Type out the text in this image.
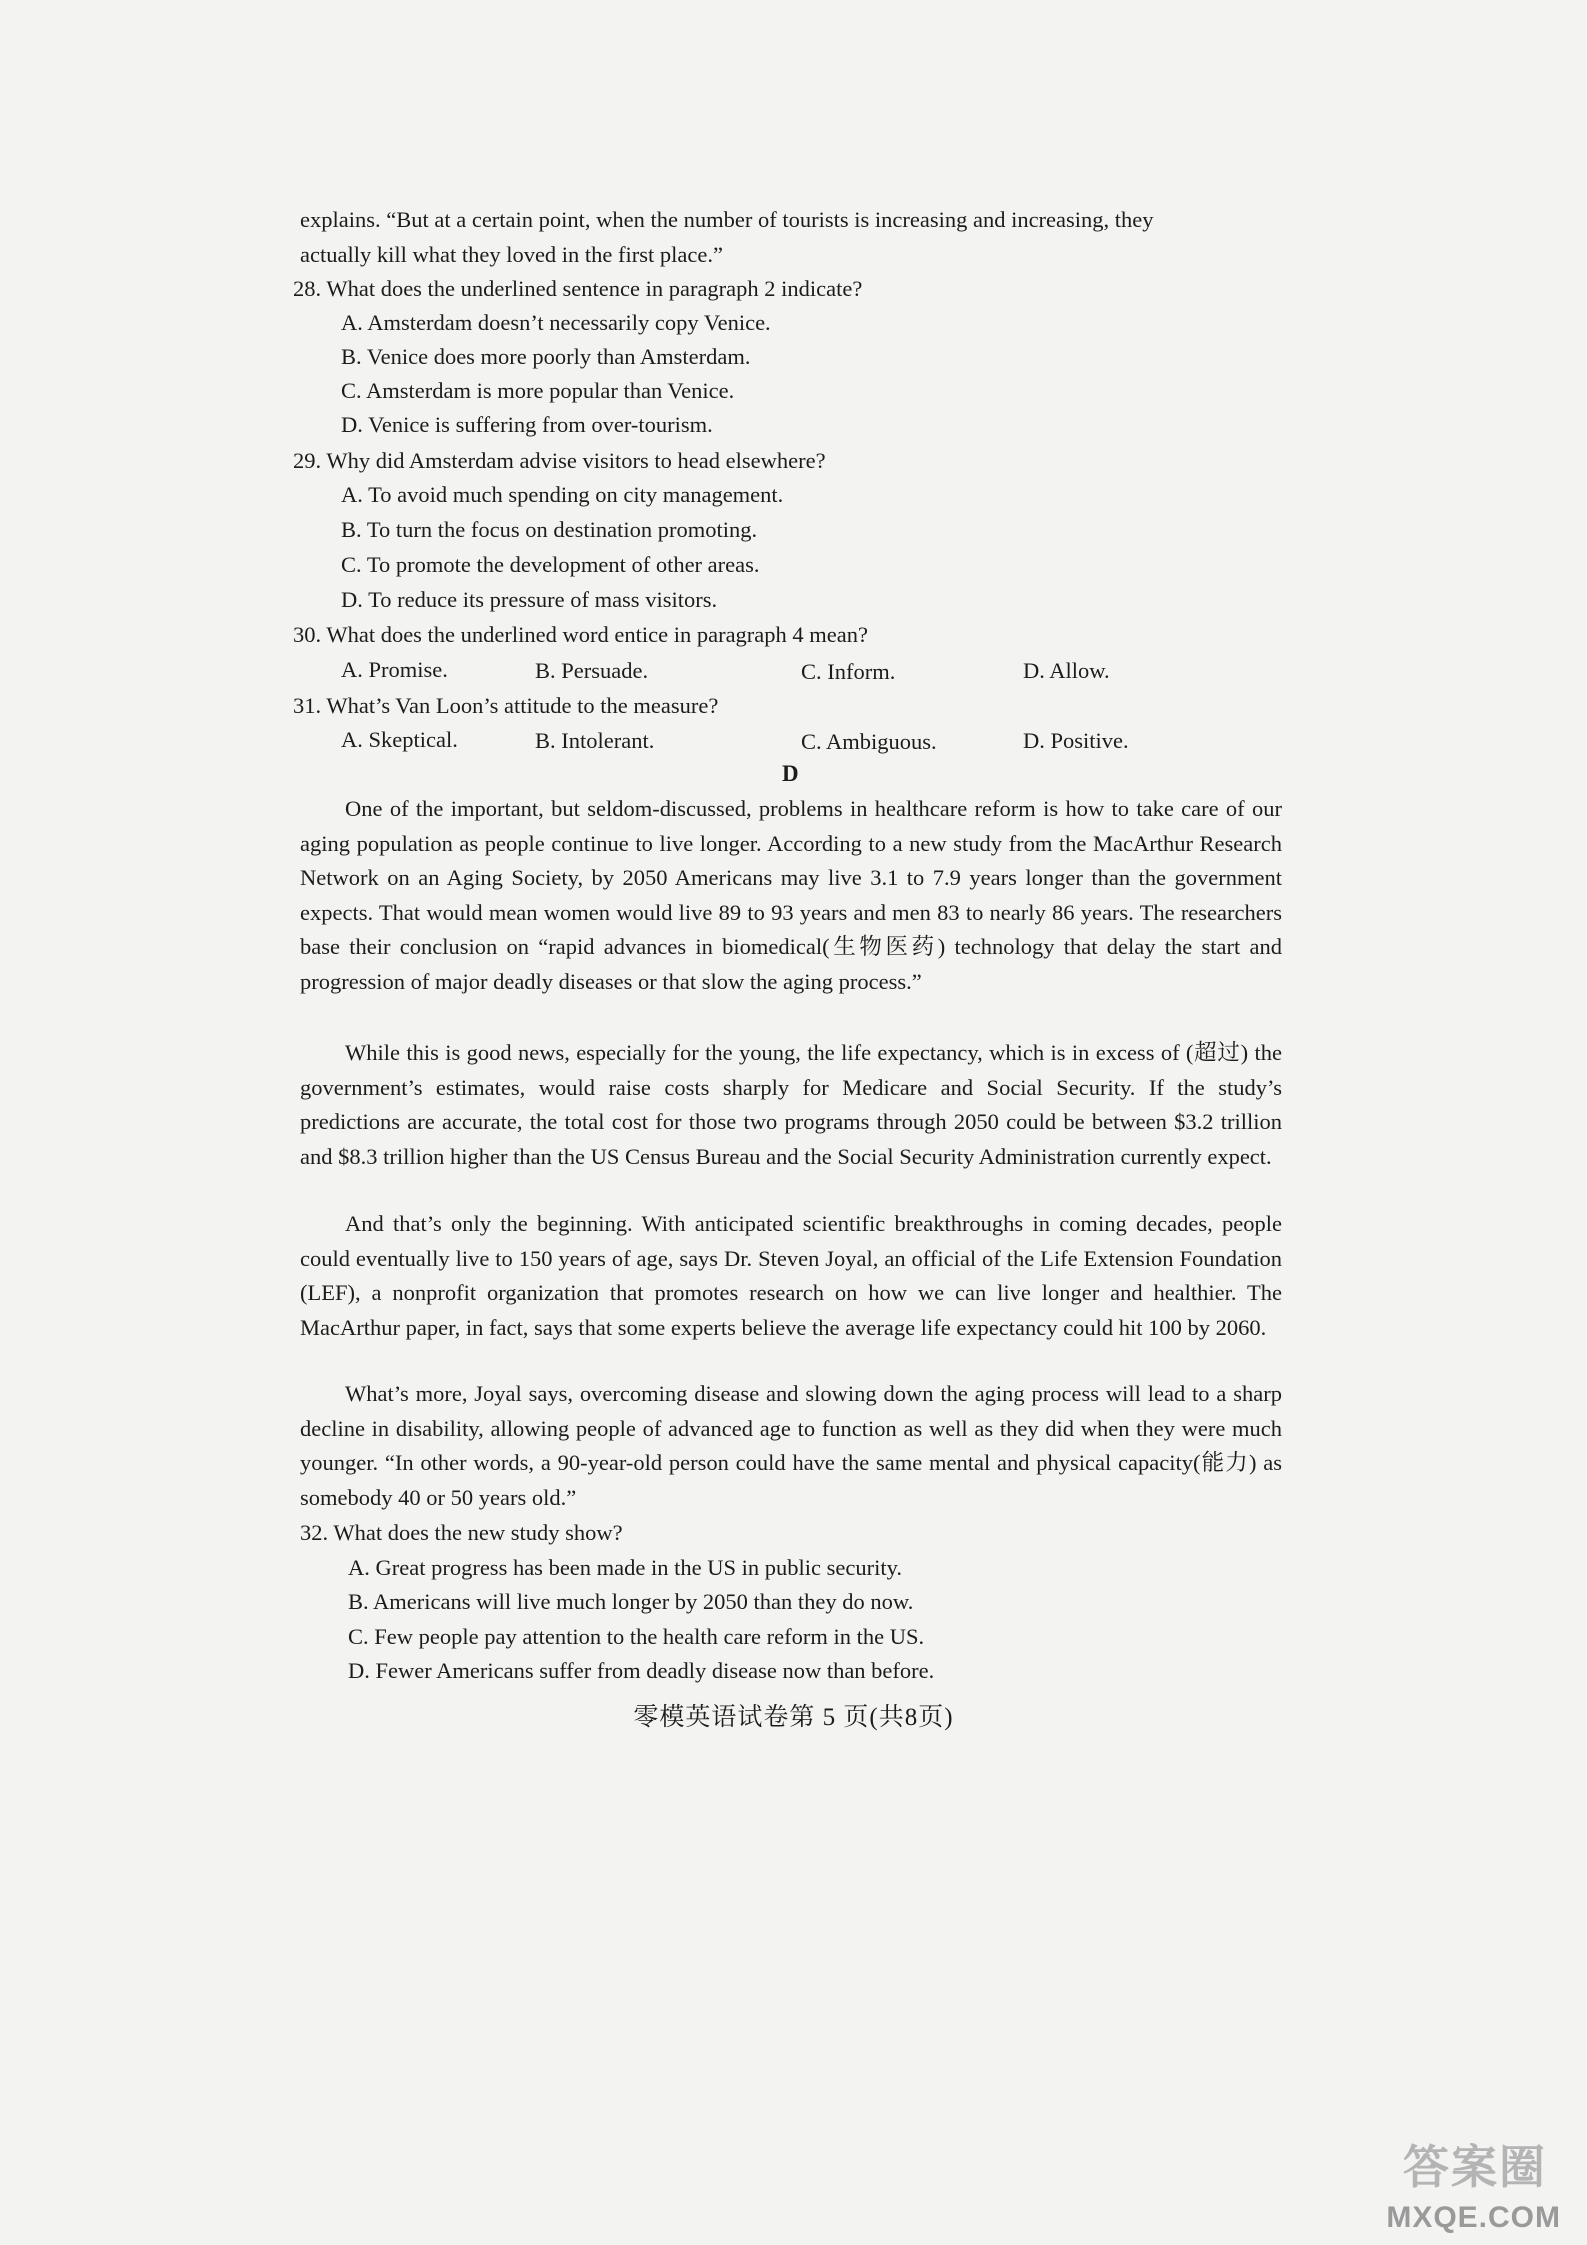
explains. “But at a certain point, when the number of tourists is increasing and increasing, they
actually kill what they loved in the first place.”
28. What does the underlined sentence in paragraph 2 indicate?
A. Amsterdam doesn’t necessarily copy Venice.
B. Venice does more poorly than Amsterdam.
C. Amsterdam is more popular than Venice.
D. Venice is suffering from over-tourism.
29. Why did Amsterdam advise visitors to head elsewhere?
A. To avoid much spending on city management.
B. To turn the focus on destination promoting.
C. To promote the development of other areas.
D. To reduce its pressure of mass visitors.
30. What does the underlined word entice in paragraph 4 mean?
A. Promise.	B. Persuade.	C. Inform.	D. Allow.
31. What’s Van Loon’s attitude to the measure?
A. Skeptical.	B. Intolerant.	C. Ambiguous.	D. Positive.
D
One of the important, but seldom-discussed, problems in healthcare reform is how to take care of our aging population as people continue to live longer. According to a new study from the MacArthur Research Network on an Aging Society, by 2050 Americans may live 3.1 to 7.9 years longer than the government expects. That would mean women would live 89 to 93 years and men 83 to nearly 86 years. The researchers base their conclusion on “rapid advances in biomedical(生物医药) technology that delay the start and progression of major deadly diseases or that slow the aging process.”
While this is good news, especially for the young, the life expectancy, which is in excess of (超过) the government’s estimates, would raise costs sharply for Medicare and Social Security. If the study’s predictions are accurate, the total cost for those two programs through 2050 could be between $3.2 trillion and $8.3 trillion higher than the US Census Bureau and the Social Security Administration currently expect.
And that’s only the beginning. With anticipated scientific breakthroughs in coming decades, people could eventually live to 150 years of age, says Dr. Steven Joyal, an official of the Life Extension Foundation (LEF), a nonprofit organization that promotes research on how we can live longer and healthier. The MacArthur paper, in fact, says that some experts believe the average life expectancy could hit 100 by 2060.
What’s more, Joyal says, overcoming disease and slowing down the aging process will lead to a sharp decline in disability, allowing people of advanced age to function as well as they did when they were much younger. “In other words, a 90-year-old person could have the same mental and physical capacity(能力) as somebody 40 or 50 years old.”
32. What does the new study show?
A. Great progress has been made in the US in public security.
B. Americans will live much longer by 2050 than they do now.
C. Few people pay attention to the health care reform in the US.
D. Fewer Americans suffer from deadly disease now than before.
零模英语试卷第 5 页(共8页)
答案圈
MXQE.COM
